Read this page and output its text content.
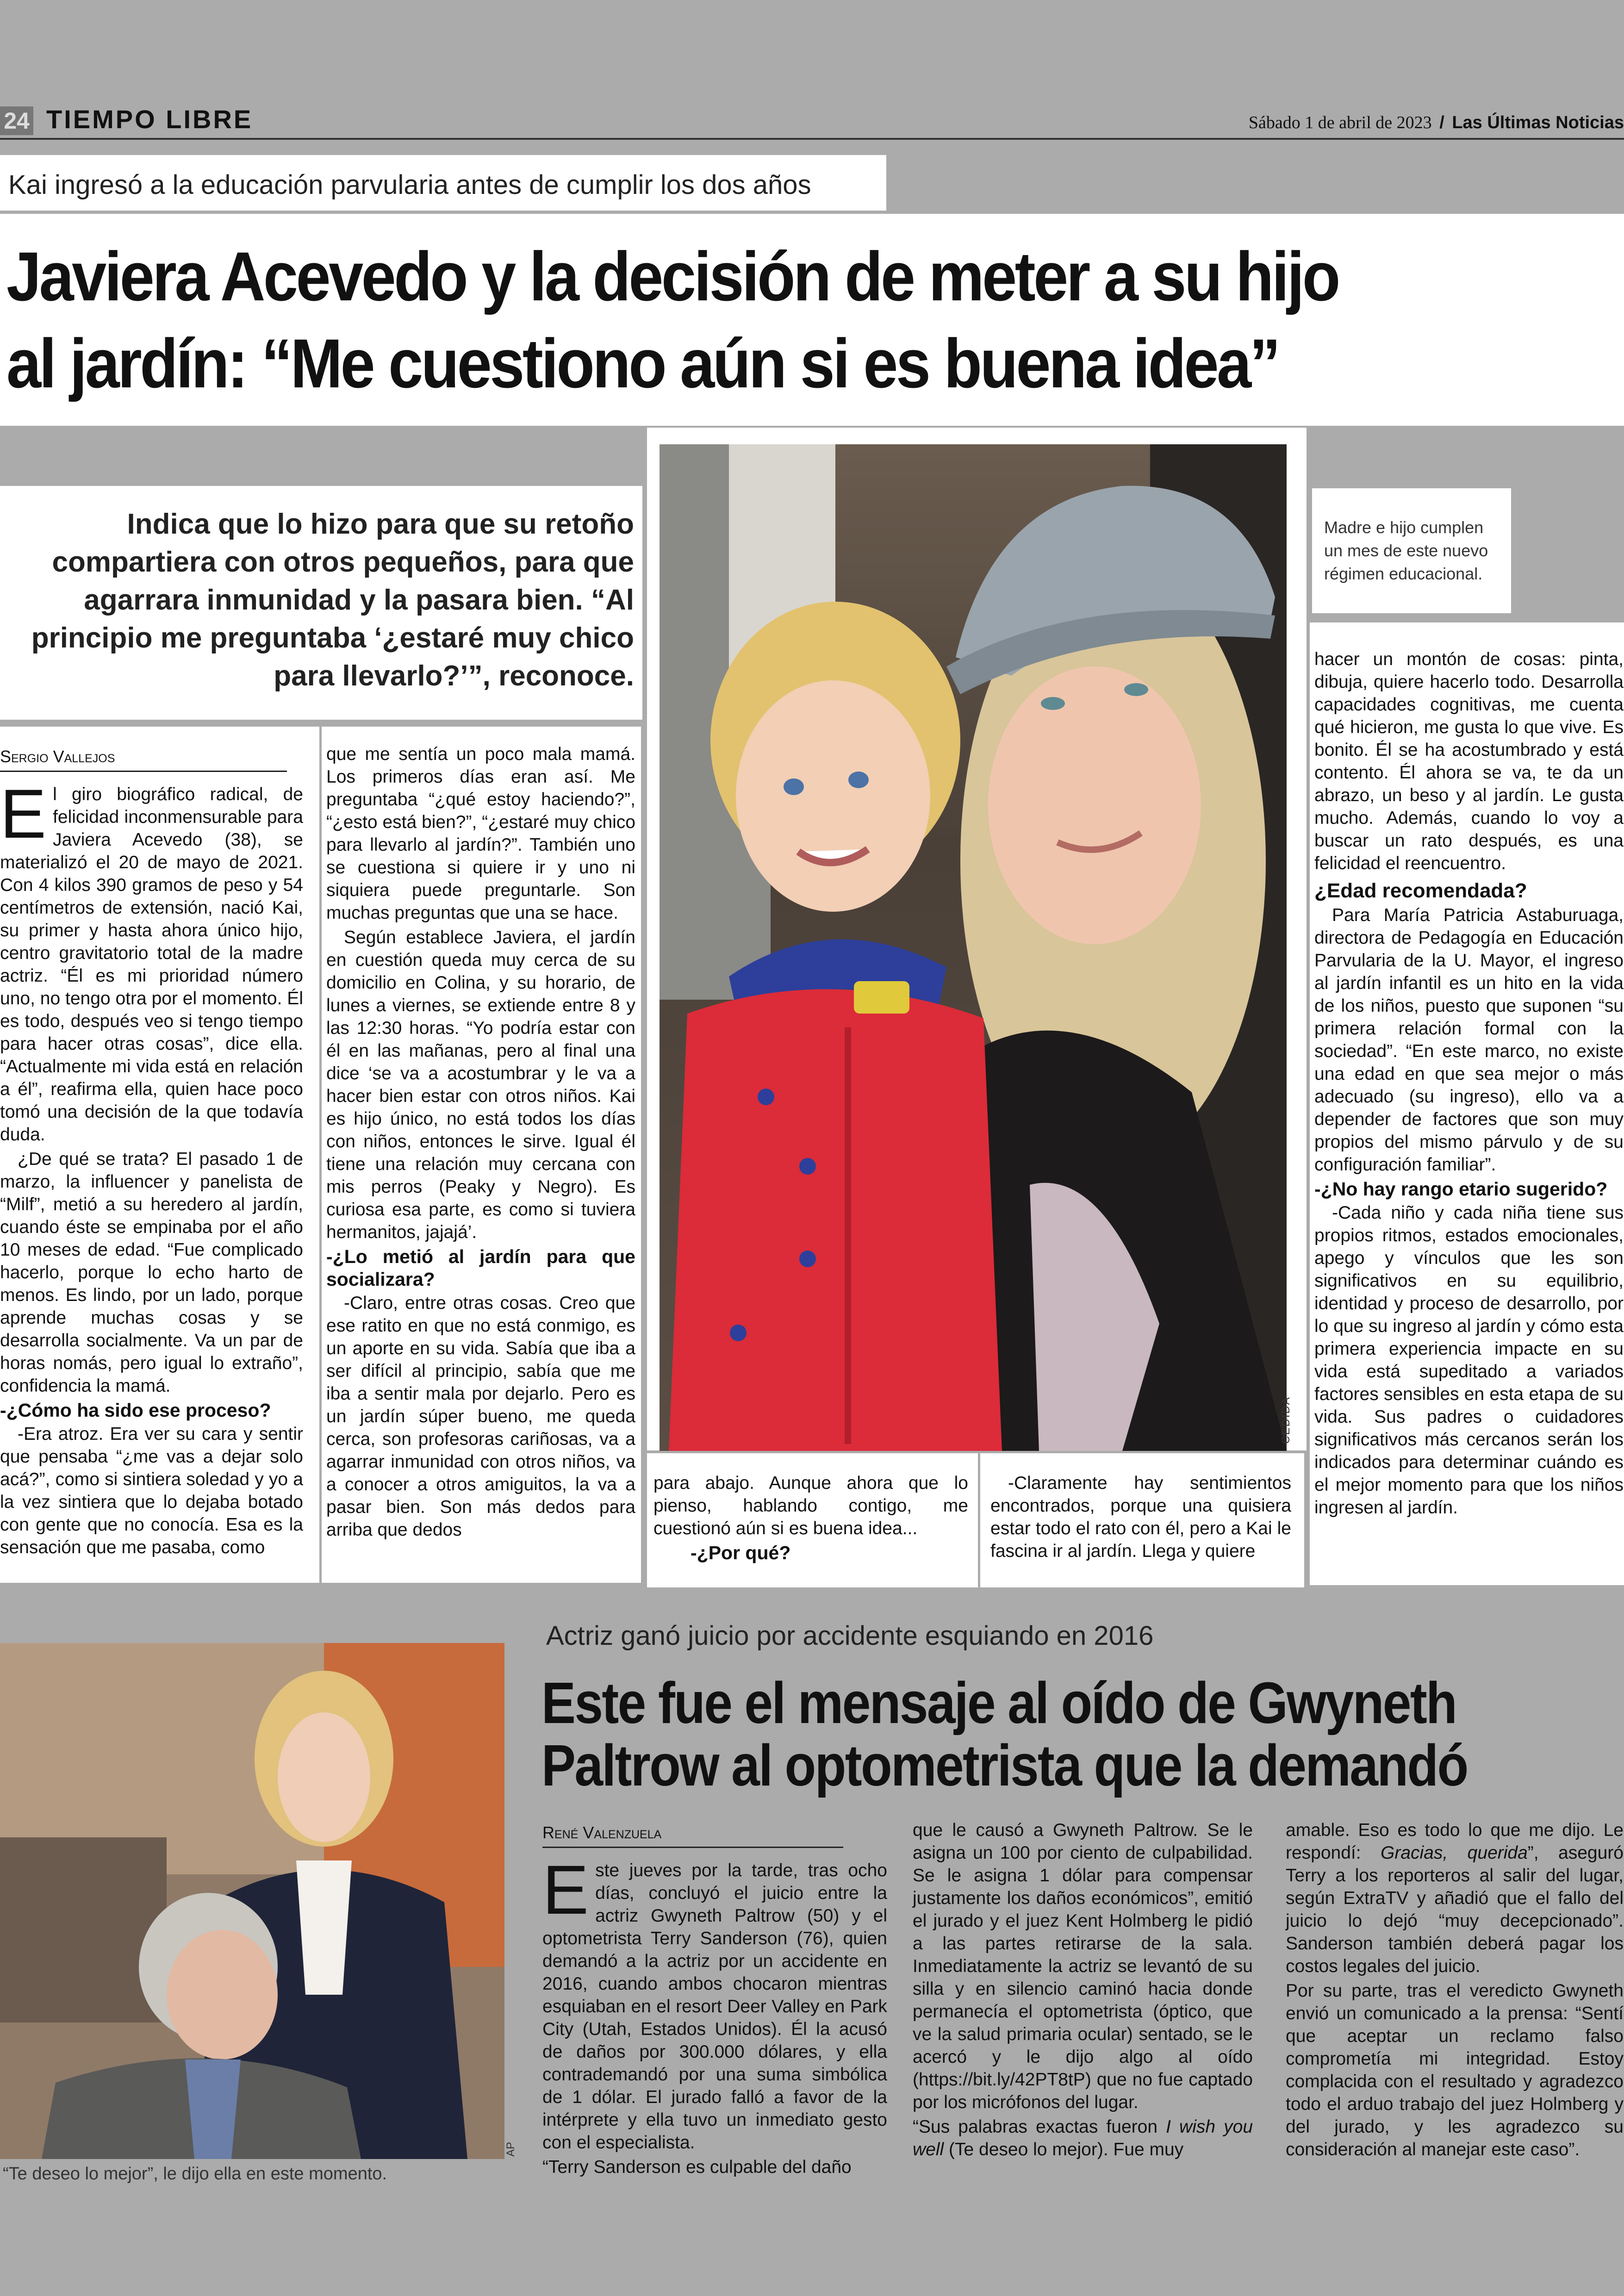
24 TIEMPO LIBRE	Sábado 1 de abril de 2023 / Las Últimas Noticias
Kai ingresó a la educación parvularia antes de cumplir los dos años
Javiera Acevedo y la decisión de meter a su hijo
al jardín: “Me cuestiono aún si es buena idea”
Indica que lo hizo para que su retoño compartiera con otros pequeños, para que agarrara inmunidad y la pasara bien. “Al principio me preguntaba ‘¿estaré muy chico para llevarlo?’”, reconoce.
CEDIDA
Madre e hijo cumplen un mes de este nuevo régimen educacional.
Sergio Vallejos

El giro biográfico radical, de felicidad inconmensurable para Javiera Acevedo (38), se materializó el 20 de mayo de 2021. Con 4 kilos 390 gramos de peso y 54 centímetros de extensión, nació Kai, su primer y hasta ahora único hijo, centro gravitatorio total de la madre actriz. “Él es mi prioridad número uno, no tengo otra por el momento. Él es todo, después veo si tengo tiempo para hacer otras cosas”, dice ella. “Actualmente mi vida está en relación a él”, reafirma ella, quien hace poco tomó una decisión de la que todavía duda.

¿De qué se trata? El pasado 1 de marzo, la influencer y panelista de “Milf”, metió a su heredero al jardín, cuando éste se empinaba por el año 10 meses de edad. “Fue complicado hacerlo, porque lo echo harto de menos. Es lindo, por un lado, porque aprende muchas cosas y se desarrolla socialmente. Va un par de horas nomás, pero igual lo extraño”, confidencia la mamá.

-¿Cómo ha sido ese proceso?

-Era atroz. Era ver su cara y sentir que pensaba “¿me vas a dejar solo acá?”, como si sintiera soledad y yo a la vez sintiera que lo dejaba botado con gente que no conocía. Esa es la sensación que me pasaba, como

que me sentía un poco mala mamá. Los primeros días eran así. Me preguntaba “¿qué estoy haciendo?”, “¿esto está bien?”, “¿estaré muy chico para llevarlo al jardín?”. También uno se cuestiona si quiere ir y uno ni siquiera puede preguntarle. Son muchas preguntas que una se hace.

Según establece Javiera, el jardín en cuestión queda muy cerca de su domicilio en Colina, y su horario, de lunes a viernes, se extiende entre 8 y las 12:30 horas. “Yo podría estar con él en las mañanas, pero al final una dice ‘se va a acostumbrar y le va a hacer bien estar con otros niños. Kai es hijo único, no está todos los días con niños, entonces le sirve. Igual él tiene una relación muy cercana con mis perros (Peaky y Negro). Es curiosa esa parte, es como si tuviera hermanitos, jajajá’.

-¿Lo metió al jardín para que socializara?

-Claro, entre otras cosas. Creo que ese ratito en que no está conmigo, es un aporte en su vida. Sabía que iba a ser difícil al principio, sabía que me iba a sentir mala por dejarlo. Pero es un jardín súper bueno, me queda cerca, son profesoras cariñosas, va a agarrar inmunidad con otros niños, va a conocer a otros amiguitos, la va a pasar bien. Son más dedos para arriba que dedos

para abajo. Aunque ahora que lo pienso, hablando contigo, me cuestionó aún si es buena idea...

-¿Por qué?

-Claramente hay sentimientos encontrados, porque una quisiera estar todo el rato con él, pero a Kai le fascina ir al jardín. Llega y quiere

hacer un montón de cosas: pinta, dibuja, quiere hacerlo todo. Desarrolla capacidades cognitivas, me cuenta qué hicieron, me gusta lo que vive. Es bonito. Él se ha acostumbrado y está contento. Él ahora se va, te da un abrazo, un beso y al jardín. Le gusta mucho. Además, cuando lo voy a buscar un rato después, es una felicidad el reencuentro.

¿Edad recomendada?

Para María Patricia Astaburuaga, directora de Pedagogía en Educación Parvularia de la U. Mayor, el ingreso al jardín infantil es un hito en la vida de los niños, puesto que suponen “su primera relación formal con la sociedad”. “En este marco, no existe una edad en que sea mejor o más adecuado (su ingreso), ello va a depender de factores que son muy propios del mismo párvulo y de su configuración familiar”.

-¿No hay rango etario sugerido?

-Cada niño y cada niña tiene sus propios ritmos, estados emocionales, apego y vínculos que les son significativos en su equilibrio, identidad y proceso de desarrollo, por lo que su ingreso al jardín y cómo esta primera experiencia impacte en su vida está supeditado a variados factores sensibles en esta etapa de su vida. Sus padres o cuidadores significativos más cercanos serán los indicados para determinar cuándo es el mejor momento para que los niños ingresen al jardín.

AP
“Te deseo lo mejor”, le dijo ella en este momento.
Actriz ganó juicio por accidente esquiando en 2016
Este fue el mensaje al oído de Gwyneth
Paltrow al optometrista que la demandó
René Valenzuela

Este jueves por la tarde, tras ocho días, concluyó el juicio entre la actriz Gwyneth Paltrow (50) y el optometrista Terry Sanderson (76), quien demandó a la actriz por un accidente en 2016, cuando ambos chocaron mientras esquiaban en el resort Deer Valley en Park City (Utah, Estados Unidos). Él la acusó de daños por 300.000 dólares, y ella contrademandó por una suma simbólica de 1 dólar. El jurado falló a favor de la intérprete y ella tuvo un inmediato gesto con el especialista.

“Terry Sanderson es culpable del daño

que le causó a Gwyneth Paltrow. Se le asigna un 100 por ciento de culpabilidad. Se le asigna 1 dólar para compensar justamente los daños económicos”, emitió el jurado y el juez Kent Holmberg le pidió a las partes retirarse de la sala. Inmediatamente la actriz se levantó de su silla y en silencio caminó hacia donde permanecía el optometrista (óptico, que ve la salud primaria ocular) sentado, se le acercó y le dijo algo al oído (https://bit.ly/42PT8tP) que no fue captado por los micrófonos del lugar.

“Sus palabras exactas fueron I wish you well (Te deseo lo mejor). Fue muy

amable. Eso es todo lo que me dijo. Le respondí: Gracias, querida”, aseguró Terry a los reporteros al salir del lugar, según ExtraTV y añadió que el fallo del juicio lo dejó “muy decepcionado”. Sanderson también deberá pagar los costos legales del juicio.

Por su parte, tras el veredicto Gwyneth envió un comunicado a la prensa: “Sentí que aceptar un reclamo falso comprometía mi integridad. Estoy complacida con el resultado y agradezco todo el arduo trabajo del juez Holmberg y del jurado, y les agradezco su consideración al manejar este caso”.
